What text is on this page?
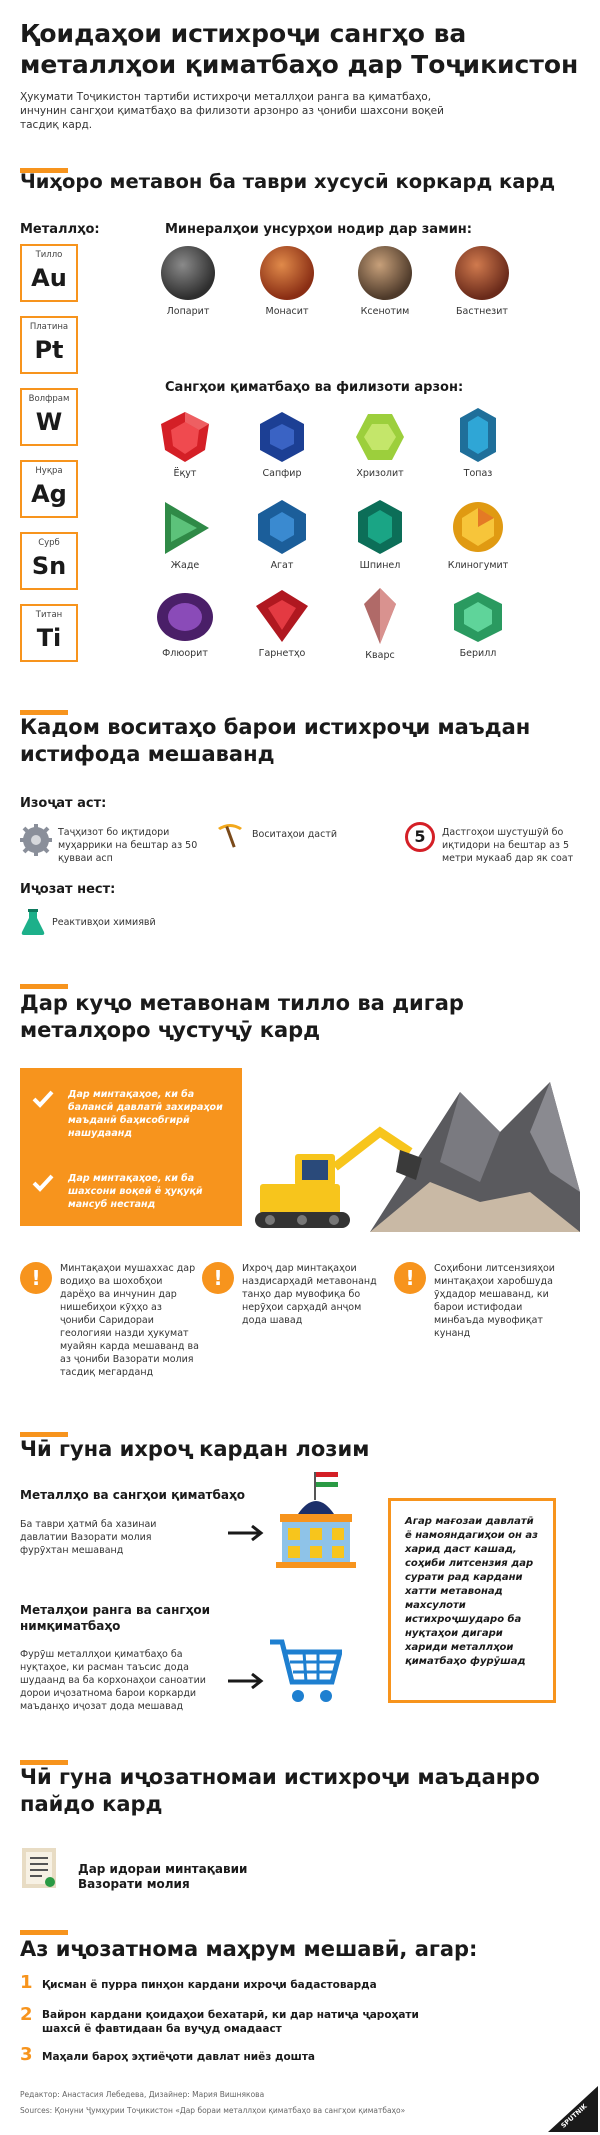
Қоидаҳои истихроҷи сангҳо ва металлҳои қиматбаҳо дар Тоҷикистон
Ҳукумати Тоҷикистон тартиби истихроҷи металлҳои ранга ва қиматбаҳо, инчунин сангҳои қиматбаҳо ва филизоти арзонро аз ҷониби шахсони воқеӣ тасдиқ кард.
Чиҳоро метавон ба таври хусусӣ коркард кард
Металлҳо:
Тилло
Au
Платина
Pt
Волфрам
W
Нуқра
Ag
Сурб
Sn
Титан
Ti
Минералҳои унсурҳои нодир дар замин:
Лопарит	Монасит	Ксенотим	Бастнезит
Сангҳои қиматбаҳо ва филизоти арзон:
Ёқут	Сапфир	Хризолит	Топаз
Жаде	Агат	Шпинел	Клиногумит
Флюорит	Гарнетҳо	Кварс	Берилл
Кадом воситаҳо барои истихроҷи маъдан истифода мешаванд
Изоҷат аст:
Таҷҳизот бо иқтидори муҳаррики на бештар аз 50 қувваи асп
Воситаҳои дастӣ	5	Дастгоҳои шустушӯй бо иқтидори на бештар аз 5 метри мукааб дар як соат
Иҷозат нест:
Реактивҳои химиявӣ
Дар куҷо метавонам тилло ва дигар металҳоро ҷустуҷӯ кард
Дар минтақаҳое, ки ба балансӣ давлатӣ захираҳои маъданӣ баҳисобгирӣ нашудаанд
Дар минтақаҳое, ки ба шахсони воқеӣ ё ҳуқуқӣ мансуб нестанд
!	Минтақаҳои мушаххас дар водиҳо ва шохобҳои дарёҳо ва инчунин дар нишебиҳои кӯҳҳо аз ҷониби Саридораи геологияи назди ҳукумат муайян карда мешаванд ва аз ҷониби Вазорати молия тасдиқ мегарданд
!	Ихроҷ дар минтақаҳои наздисарҳадӣ метавонанд танҳо дар мувофиқа бо нерӯҳои сарҳадӣ анҷом дода шавад
!	Соҳибони литсензияҳои минтақаҳои харобшуда ӯҳдадор мешаванд, ки барои истифодаи минбаъда мувофиқат кунанд
Чӣ гуна ихроҷ кардан лозим
Металлҳо ва сангҳои қиматбаҳо
Ба таври ҳатмӣ ба хазинаи давлатии Вазорати молия фурӯхтан мешаванд
Металҳои ранга ва сангҳои нимқиматбаҳо
Фурӯш металлҳои қиматбаҳо ба нуқтаҳое, ки расман таъсис дода шудаанд ва ба корхонаҳои саноатии дорои иҷозатнома барои коркарди маъданҳо иҷозат дода мешавад
Агар мағозаи давлатӣ ё намояндагиҳои он аз харид даст кашад, соҳиби литсензия дар сурати рад кардани хатти метавонад махсулоти истихроҷшударо ба нуқтаҳои дигари хариди металлҳои қиматбаҳо фурӯшад
Чӣ гуна иҷозатномаи истихроҷи маъданро пайдо кард
Дар идораи минтақавии Вазорати молия
Аз иҷозатнома маҳрум мешавӣ, агар:
1 Қисман ё пурра пинҳон кардани ихроҷи бадастоварда
2 Вайрон кардани қоидаҳои бехатарӣ, ки дар натиҷа ҷароҳати шахсӣ ё фавтидаан ба вуҷуд омадааст
3 Маҳали бароҳ эҳтиёҷоти давлат ниёз дошта
Редактор: Анастасия Лебедева, Дизайнер: Мария Вишнякова
Sources: Қонуни Ҷумҳурии Тоҷикистон «Дар бораи металлҳои қиматбаҳо ва сангҳои қиматбаҳо»	SPUTNIK
